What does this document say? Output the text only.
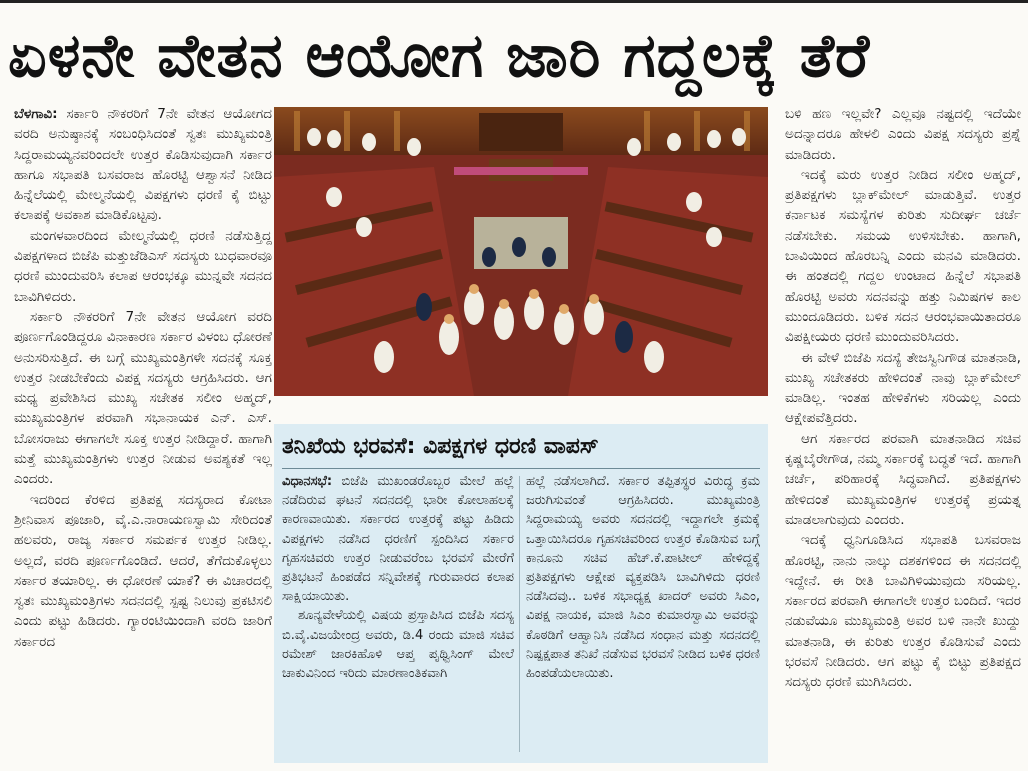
ಏಳನೇ ವೇತನ ಆಯೋಗ ಜಾರಿ ಗದ್ದಲಕ್ಕೆ ತೆರೆ

ಬೆಳಗಾವಿ: ಸರ್ಕಾರಿ ನೌಕರರಿಗೆ 7ನೇ ವೇತನ ಆಯೋಗದ ವರದಿ ಅನುಷ್ಠಾನಕ್ಕೆ ಸಂಬಂಧಿಸಿದಂತೆ ಸ್ವತಃ ಮುಖ್ಯಮಂತ್ರಿ ಸಿದ್ದರಾಮಯ್ಯನವರಿಂದಲೇ ಉತ್ತರ ಕೊಡಿಸುವುದಾಗಿ ಸರ್ಕಾರ ಹಾಗೂ ಸಭಾಪತಿ ಬಸವರಾಜ ಹೊರಟ್ಟಿ ಆಶ್ವಾಸನೆ ನೀಡಿದ ಹಿನ್ನೆಲೆಯಲ್ಲಿ ಮೇಲ್ಮನೆಯಲ್ಲಿ ವಿಪಕ್ಷಗಳು ಧರಣಿ ಕೈ ಬಿಟ್ಟು ಕಲಾಪಕ್ಕೆ ಅವಕಾಶ ಮಾಡಿಕೊಟ್ಟವು.

ಮಂಗಳವಾರದಿಂದ ಮೇಲ್ಮನೆಯಲ್ಲಿ ಧರಣಿ ನಡೆಸುತ್ತಿದ್ದ ವಿಪಕ್ಷಗಳಾದ ಬಿಜೆಪಿ ಮತ್ತುಜೆಡಿಎಸ್ ಸದಸ್ಯರು ಬುಧವಾರವೂ ಧರಣಿ ಮುಂದುವರಿಸಿ ಕಲಾಪ ಆರಂಭಕ್ಕೂ ಮುನ್ನವೇ ಸದನದ ಬಾವಿಗಿಳಿದರು.

ಸರ್ಕಾರಿ ನೌಕರರಿಗೆ 7ನೇ ವೇತನ ಆಯೋಗ ವರದಿ ಪೂರ್ಣಗೊಂಡಿದ್ದರೂ ವಿನಾಕಾರಣ ಸರ್ಕಾರ ವಿಳಂಬ ಧೋರಣೆ ಅನುಸರಿಸುತ್ತಿದೆ. ಈ ಬಗ್ಗೆ ಮುಖ್ಯಮಂತ್ರಿಗಳೇ ಸದನಕ್ಕೆ ಸೂಕ್ತ ಉತ್ತರ ನೀಡಬೇಕೆಂದು ವಿಪಕ್ಷ ಸದಸ್ಯರು ಆಗ್ರಹಿಸಿದರು. ಆಗ ಮಧ್ಯ ಪ್ರವೇಶಿಸಿದ ಮುಖ್ಯ ಸಚೇತಕ ಸಲೀಂ ಅಹ್ಮದ್, ಮುಖ್ಯಮಂತ್ರಿಗಳ ಪರವಾಗಿ ಸಭಾನಾಯಕ ಎನ್. ಎಸ್. ಬೋಸರಾಜು ಈಗಾಗಲೇ ಸೂಕ್ತ ಉತ್ತರ ನೀಡಿದ್ದಾರೆ. ಹಾಗಾಗಿ ಮತ್ತೆ ಮುಖ್ಯಮಂತ್ರಿಗಳು ಉತ್ತರ ನೀಡುವ ಅವಶ್ಯಕತೆ ಇಲ್ಲ ಎಂದರು.

ಇದರಿಂದ ಕೆರಳಿದ ಪ್ರತಿಪಕ್ಷ ಸದಸ್ಯರಾದ ಕೋಟಾ ಶ್ರೀನಿವಾಸ ಪೂಜಾರಿ, ವೈ.ಎ.ನಾರಾಯಣಸ್ವಾಮಿ ಸೇರಿದಂತೆ ಹಲವರು, ರಾಜ್ಯ ಸರ್ಕಾರ ಸಮರ್ಪಕ ಉತ್ತರ ನೀಡಿಲ್ಲ. ಅಲ್ಲದೆ, ವರದಿ ಪೂರ್ಣಗೊಂಡಿದೆ. ಆದರೆ, ತೆಗೆದುಕೊಳ್ಳಲು ಸರ್ಕಾರ ತಯಾರಿಲ್ಲ. ಈ ಧೋರಣೆ ಯಾಕೆ? ಈ ವಿಚಾರದಲ್ಲಿ ಸ್ವತಃ ಮುಖ್ಯಮಂತ್ರಿಗಳು ಸದನದಲ್ಲಿ ಸ್ಪಷ್ಟ ನಿಲುವು ಪ್ರಕಟಿಸಲಿ ಎಂದು ಪಟ್ಟು ಹಿಡಿದರು. ಗ್ಯಾರಂಟಿಯಿಂದಾಗಿ ವರದಿ ಜಾರಿಗೆ ಸರ್ಕಾರದ

ತನಿಖೆಯ ಭರವಸೆ: ವಿಪಕ್ಷಗಳ ಧರಣಿ ವಾಪಸ್

ವಿಧಾನಸಭೆ: ಬಿಜೆಪಿ ಮುಖಂಡರೊಬ್ಬರ ಮೇಲೆ ಹಲ್ಲೆ ನಡೆದಿರುವ ಘಟನೆ ಸದನದಲ್ಲಿ ಭಾರೀ ಕೋಲಾಹಲಕ್ಕೆ ಕಾರಣವಾಯಿತು. ಸರ್ಕಾರದ ಉತ್ತರಕ್ಕೆ ಪಟ್ಟು ಹಿಡಿದು ವಿಪಕ್ಷಗಳು ನಡೆಸಿದ ಧರಣಿಗೆ ಸ್ಪಂದಿಸಿದ ಸರ್ಕಾರ ಗೃಹಸಚಿವರು ಉತ್ತರ ನೀಡುವರೆಂಬ ಭರವಸೆ ಮೇರೆಗೆ ಪ್ರತಿಭಟನೆ ಹಿಂಪಡೆದ ಸನ್ನಿವೇಶಕ್ಕೆ ಗುರುವಾರದ ಕಲಾಪ ಸಾಕ್ಷಿಯಾಯಿತು.

ಶೂನ್ಯವೇಳೆಯಲ್ಲಿ ವಿಷಯ ಪ್ರಸ್ತಾಪಿಸಿದ ಬಿಜೆಪಿ ಸದಸ್ಯ ಬಿ.ವೈ.ವಿಜಯೇಂದ್ರ ಅವರು, ಡಿ.4 ರಂದು ಮಾಜಿ ಸಚಿವ ರಮೇಶ್ ಜಾರಕಿಹೊಳಿ ಆಪ್ತ ಪೃಥ್ವಿಸಿಂಗ್ ಮೇಲೆ ಚಾಕುವಿನಿಂದ ಇರಿದು ಮಾರಣಾಂತಿಕವಾಗಿ

ಹಲ್ಲೆ ನಡೆಸಲಾಗಿದೆ. ಸರ್ಕಾರ ತಪ್ಪಿತಸ್ಥರ ವಿರುದ್ಧ ಕ್ರಮ ಜರುಗಿಸುವಂತೆ ಆಗ್ರಹಿಸಿದರು. ಮುಖ್ಯಮಂತ್ರಿ ಸಿದ್ದರಾಮಯ್ಯ ಅವರು ಸದನದಲ್ಲಿ ಇದ್ದಾಗಲೇ ಕ್ರಮಕ್ಕೆ ಒತ್ತಾಯಿಸಿದರೂ ಗೃಹಸಚಿವರಿಂದ ಉತ್ತರ ಕೊಡಿಸುವ ಬಗ್ಗೆ ಕಾನೂನು ಸಚಿವ ಹೆಚ್.ಕೆ.ಪಾಟೀಲ್ ಹೇಳಿದ್ದಕ್ಕೆ ಪ್ರತಿಪಕ್ಷಗಳು ಆಕ್ಷೇಪ ವ್ಯಕ್ತಪಡಿಸಿ ಬಾವಿಗಿಳಿದು ಧರಣಿ ನಡೆಸಿದವು.. ಬಳಿಕ ಸಭಾಧ್ಯಕ್ಷ ಖಾದರ್ ಅವರು ಸಿಎಂ, ವಿಪಕ್ಷ ನಾಯಕ, ಮಾಜಿ ಸಿಎಂ ಕುಮಾರಸ್ವಾಮಿ ಅವರನ್ನು ಕೊಠಡಿಗೆ ಆಹ್ವಾನಿಸಿ ನಡೆಸಿದ ಸಂಧಾನ ಮತ್ತು ಸದನದಲ್ಲಿ ನಿಷ್ಪಕ್ಷಪಾತ ತನಿಖೆ ನಡೆಸುವ ಭರವಸೆ ನೀಡಿದ ಬಳಿಕ ಧರಣಿ ಹಿಂಪಡೆಯಲಾಯಿತು.

ಬಳಿ ಹಣ ಇಲ್ಲವೇ? ಎಲ್ಲವೂ ನಷ್ಟದಲ್ಲಿ ಇದೆಯೇ ಅದನ್ನಾದರೂ ಹೇಳಲಿ ಎಂದು ವಿಪಕ್ಷ ಸದಸ್ಯರು ಪ್ರಶ್ನೆ ಮಾಡಿದರು.

ಇದಕ್ಕೆ ಮರು ಉತ್ತರ ನೀಡಿದ ಸಲೀಂ ಅಹ್ಮದ್, ಪ್ರತಿಪಕ್ಷಗಳು ಬ್ಲಾಕ್‌ಮೇಲ್ ಮಾಡುತ್ತಿವೆ. ಉತ್ತರ ಕರ್ನಾಟಕ ಸಮಸ್ಯೆಗಳ ಕುರಿತು ಸುದೀರ್ಘ ಚರ್ಚೆ ನಡೆಸಬೇಕು. ಸಮಯ ಉಳಿಸಬೇಕು. ಹಾಗಾಗಿ, ಬಾವಿಯಿಂದ ಹೊರಬನ್ನಿ ಎಂದು ಮನವಿ ಮಾಡಿದರು. ಈ ಹಂತದಲ್ಲಿ ಗದ್ದಲ ಉಂಟಾದ ಹಿನ್ನೆಲೆ ಸಭಾಪತಿ ಹೊರಟ್ಟಿ ಅವರು ಸದನವನ್ನು ಹತ್ತು ನಿಮಿಷಗಳ ಕಾಲ ಮುಂದೂಡಿದರು. ಬಳಿಕ ಸದನ ಆರಂಭವಾಯಿತಾದರೂ ವಿಪಕ್ಷೀಯರು ಧರಣಿ ಮುಂದುವರಿಸಿದರು.

ಈ ವೇಳೆ ಬಿಜೆಪಿ ಸದಸ್ಯೆ ತೇಜಸ್ವಿನಿಗೌಡ ಮಾತನಾಡಿ, ಮುಖ್ಯ ಸಚೇತಕರು ಹೇಳಿದಂತೆ ನಾವು ಬ್ಲಾಕ್‌ಮೇಲ್ ಮಾಡಿಲ್ಲ. ಇಂತಹ ಹೇಳಿಕೆಗಳು ಸರಿಯಲ್ಲ ಎಂದು ಆಕ್ಷೇಪವೆತ್ತಿದರು.

ಆಗ ಸರ್ಕಾರದ ಪರವಾಗಿ ಮಾತನಾಡಿದ ಸಚಿವ ಕೃಷ್ಣಬೈರೇಗೌಡ, ನಮ್ಮ ಸರ್ಕಾರಕ್ಕೆ ಬದ್ಧತೆ ಇದೆ. ಹಾಗಾಗಿ ಚರ್ಚೆ, ಪರಿಹಾರಕ್ಕೆ ಸಿದ್ಧವಾಗಿದೆ. ಪ್ರತಿಪಕ್ಷಗಳು ಹೇಳಿದಂತೆ ಮುಖ್ಯಮಂತ್ರಿಗಳ ಉತ್ತರಕ್ಕೆ ಪ್ರಯತ್ನ ಮಾಡಲಾಗುವುದು ಎಂದರು.

ಇದಕ್ಕೆ ಧ್ವನಿಗೂಡಿಸಿದ ಸಭಾಪತಿ ಬಸವರಾಜ ಹೊರಟ್ಟಿ, ನಾನು ನಾಲ್ಕು ದಶಕಗಳಿಂದ ಈ ಸದನದಲ್ಲಿ ಇದ್ದೇನೆ. ಈ ರೀತಿ ಬಾವಿಗಿಳಿಯುವುದು ಸರಿಯಲ್ಲ. ಸರ್ಕಾರದ ಪರವಾಗಿ ಈಗಾಗಲೇ ಉತ್ತರ ಬಂದಿದೆ. ಇದರ ನಡುವೆಯೂ ಮುಖ್ಯಮಂತ್ರಿ ಅವರ ಬಳಿ ನಾನೇ ಖುದ್ದು ಮಾತನಾಡಿ, ಈ ಕುರಿತು ಉತ್ತರ ಕೊಡಿಸುವೆ ಎಂದು ಭರವಸೆ ನೀಡಿದರು. ಆಗ ಪಟ್ಟು ಕೈ ಬಿಟ್ಟು ಪ್ರತಿಪಕ್ಷದ ಸದಸ್ಯರು ಧರಣಿ ಮುಗಿಸಿದರು.
